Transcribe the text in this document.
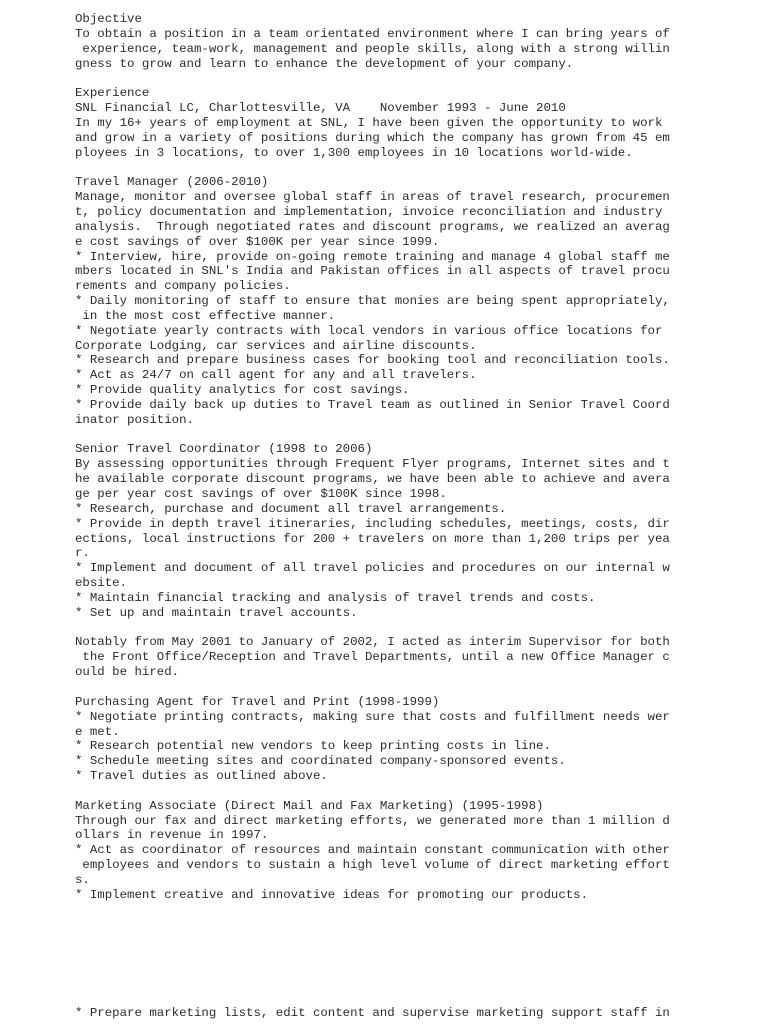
Objective

To obtain a position in a team orientated environment where I can bring years of

experience, team-work, management and people skills, along with a strong willin

gness to grow and learn to enhance the development of your company.

Experience

SNL Financial LC, Charlottesville, VA    November 1993 - June 2010

In my 16+ years of employment at SNL, I have been given the opportunity to work

and grow in a variety of positions during which the company has grown from 45 em

ployees in 3 locations, to over 1,300 employees in 10 locations world-wide.

Travel Manager (2006-2010)

Manage, monitor and oversee global staff in areas of travel research, procuremen

t, policy documentation and implementation, invoice reconciliation and industry

analysis.  Through negotiated rates and discount programs, we realized an averag

e cost savings of over $100K per year since 1999.

* Interview, hire, provide on-going remote training and manage 4 global staff me

mbers located in SNL's India and Pakistan offices in all aspects of travel procu

rements and company policies.

* Daily monitoring of staff to ensure that monies are being spent appropriately,

in the most cost effective manner.

* Negotiate yearly contracts with local vendors in various office locations for

Corporate Lodging, car services and airline discounts.

* Research and prepare business cases for booking tool and reconciliation tools.

* Act as 24/7 on call agent for any and all travelers.

* Provide quality analytics for cost savings.

* Provide daily back up duties to Travel team as outlined in Senior Travel Coord

inator position.

Senior Travel Coordinator (1998 to 2006)

By assessing opportunities through Frequent Flyer programs, Internet sites and t

he available corporate discount programs, we have been able to achieve and avera

ge per year cost savings of over $100K since 1998.

* Research, purchase and document all travel arrangements.

* Provide in depth travel itineraries, including schedules, meetings, costs, dir

ections, local instructions for 200 + travelers on more than 1,200 trips per yea

r.

* Implement and document of all travel policies and procedures on our internal w

ebsite.

* Maintain financial tracking and analysis of travel trends and costs.

* Set up and maintain travel accounts.

Notably from May 2001 to January of 2002, I acted as interim Supervisor for both

the Front Office/Reception and Travel Departments, until a new Office Manager c

ould be hired.

Purchasing Agent for Travel and Print (1998-1999)

* Negotiate printing contracts, making sure that costs and fulfillment needs wer

e met.

* Research potential new vendors to keep printing costs in line.

* Schedule meeting sites and coordinated company-sponsored events.

* Travel duties as outlined above.

Marketing Associate (Direct Mail and Fax Marketing) (1995-1998)

Through our fax and direct marketing efforts, we generated more than 1 million d

ollars in revenue in 1997.

* Act as coordinator of resources and maintain constant communication with other

employees and vendors to sustain a high level volume of direct marketing effort

s.

* Implement creative and innovative ideas for promoting our products.

* Prepare marketing lists, edit content and supervise marketing support staff in
